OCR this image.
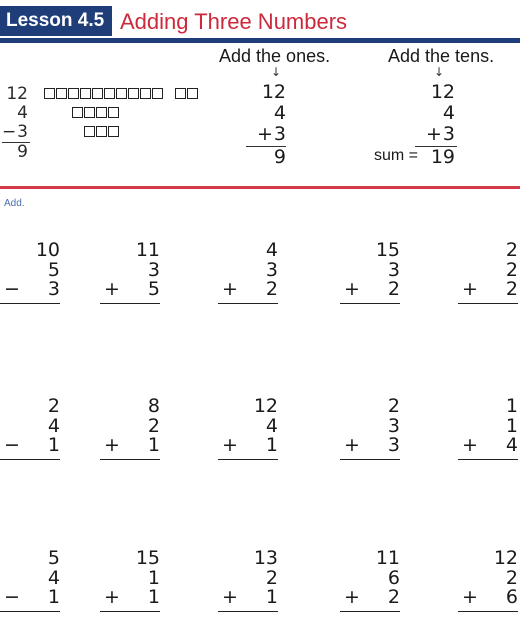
Lesson 4.5 Adding Three Numbers
12
4
− 3
9
Add the ones.
↓
12
4
+ 3
9
Add the tens.
↓
12
4
+ 3
19
sum =
Add.
10
5
− 3
11
3
+ 5
4
3
+ 2
15
3
+ 2
2
2
+ 2
2
4
− 1
8
2
+ 1
12
4
+ 1
2
3
+ 3
1
1
+ 4
5
4
− 1
15
1
+ 1
13
2
+ 1
11
6
+ 2
12
2
+ 6
